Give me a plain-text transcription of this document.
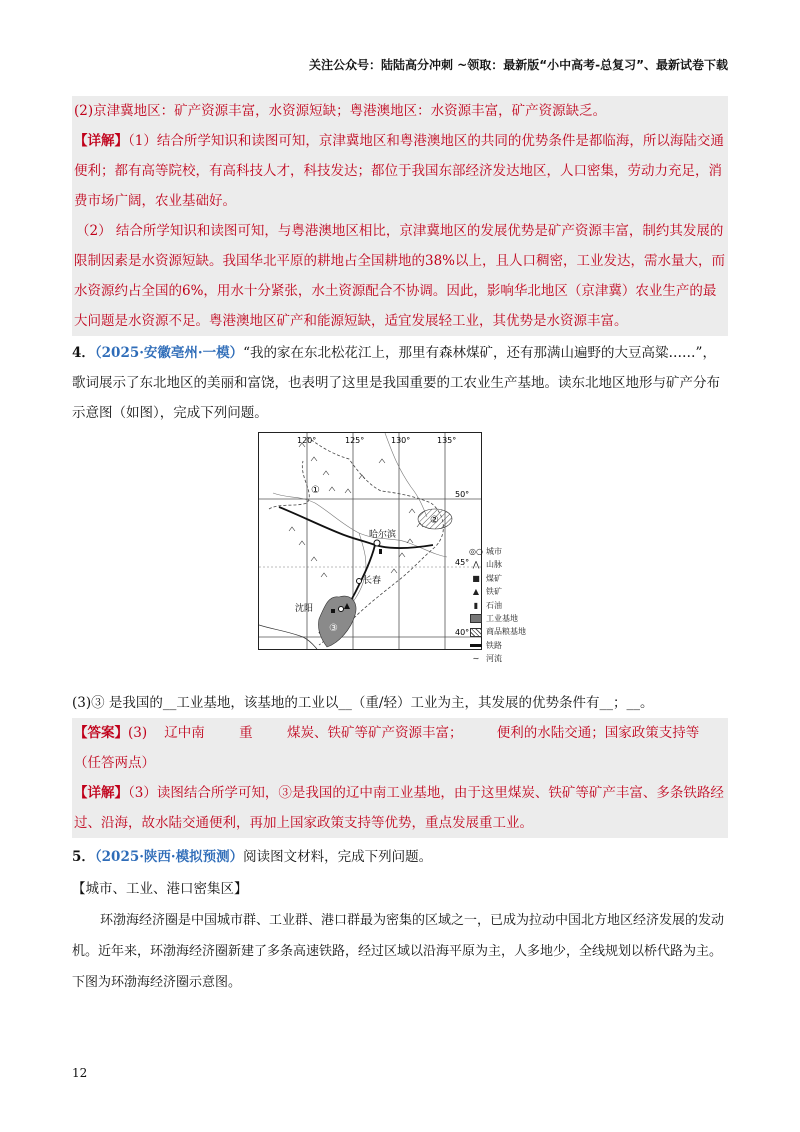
关注公众号：陆陆高分冲刺 ~领取：最新版“小中高考-总复习”、最新试卷下载

(2)京津冀地区：矿产资源丰富，水资源短缺；粤港澳地区：水资源丰富，矿产资源缺乏。

【详解】（1）结合所学知识和读图可知，京津冀地区和粤港澳地区的共同的优势条件是都临海，所以海陆交通便利；都有高等院校，有高科技人才，科技发达；都位于我国东部经济发达地区，人口密集，劳动力充足，消费市场广阔，农业基础好。

（2） 结合所学知识和读图可知，与粤港澳地区相比，京津冀地区的发展优势是矿产资源丰富，制约其发展的限制因素是水资源短缺。我国华北平原的耕地占全国耕地的38%以上，且人口稠密，工业发达，需水量大，而水资源约占全国的6%，用水十分紧张，水土资源配合不协调。因此，影响华北地区（京津冀）农业生产的最大问题是水资源不足。粤港澳地区矿产和能源短缺，适宜发展轻工业，其优势是水资源丰富。

4．（2025·安徽亳州·一模）“我的家在东北松花江上，那里有森林煤矿，还有那满山遍野的大豆高粱……”，歌词展示了东北地区的美丽和富饶，也表明了这里是我国重要的工农业生产基地。读东北地区地形与矿产分布示意图（如图），完成下列问题。

120°	125°	130°	135°
50°
45°
40°
哈尔滨
长春
沈阳
①
②
③
◎○ 城市
⋀ 山脉
■ 煤矿
▲ 铁矿
▮ 石油
工业基地
商品粮基地
铁路
∼ 河流

(3)③ 是我国的__工业基地，该基地的工业以__（重/轻）工业为主，其发展的优势条件有__；__。

【答案】(3)    辽中南        重        煤炭、铁矿等矿产资源丰富；        便利的水陆交通；国家政策支持等（任答两点）

【详解】（3）读图结合所学可知，③是我国的辽中南工业基地，由于这里煤炭、铁矿等矿产丰富、多条铁路经过、沿海，故水陆交通便利，再加上国家政策支持等优势，重点发展重工业。

5．（2025·陕西·模拟预测）阅读图文材料，完成下列问题。

【城市、工业、港口密集区】

环渤海经济圈是中国城市群、工业群、港口群最为密集的区域之一，已成为拉动中国北方地区经济发展的发动机。近年来，环渤海经济圈新建了多条高速铁路，经过区域以沿海平原为主，人多地少，全线规划以桥代路为主。下图为环渤海经济圈示意图。

12
